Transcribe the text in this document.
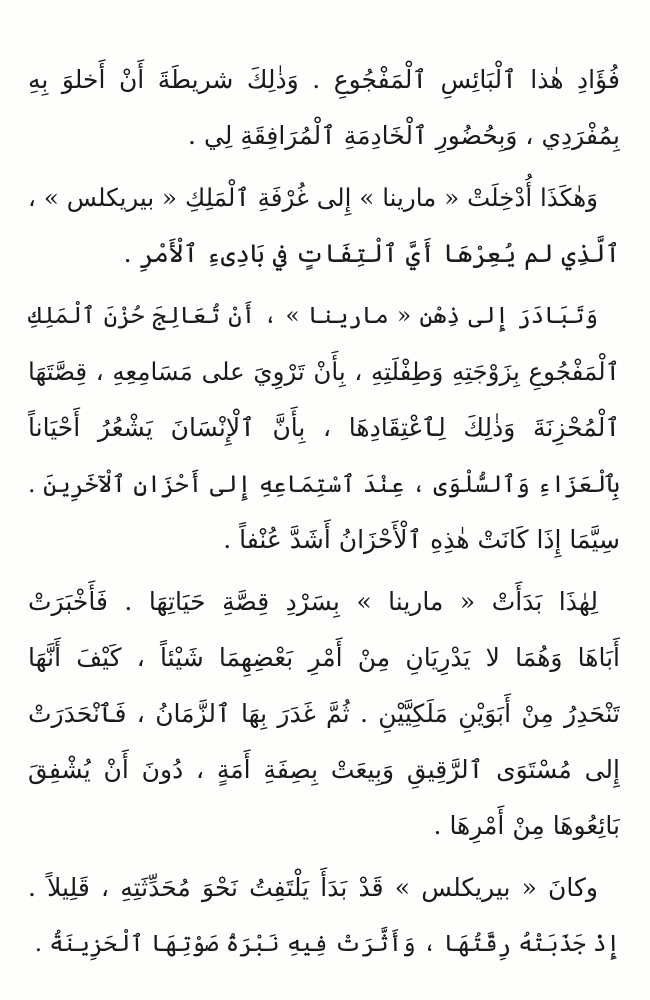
فُؤَادِ هٰذا ٱلْبَائِسِ ٱلْمَفْجُوعِ . وَذٰلِكَ شريطَةَ أَنْ أَخلوَ بِهِ
بِمُفْرَدِي ، وَبِحُضُورِ ٱلْخَادِمَةِ ٱلْمُرَافِقَةِ لِي .
وَهٰكَذَا أُدْخِلَتْ « مارينا » إِلى غُرْفَةِ ٱلْمَلِكِ « بيريكلس » ،
ٱلَّذِي لم يُعِرْهَا أَيَّ ٱلْتِفَاتٍ في بَادِىءِ ٱلْأَمْرِ .
وَتَبَادَرَ إِلى ذِهْنِ « مارينا » ، أَنْ تُعَالِجَ حُزْنَ ٱلْمَلِكِ
ٱلْمَفْجُوعِ بِزَوْجَتِهِ وَطِفْلَتِهِ ، بِأَنْ تَرْوِيَ على مَسَامِعِهِ ، قِصَّتَهَا
ٱلْمُحْزِنَةَ وَذٰلِكَ لِٱعْتِقَادِهَا ، بِأَنَّ ٱلْإِنْسَانَ يَشْعُرُ أَحْيَاناً
بِٱلْعَزَاءِ وَٱلسُّلْوَى ، عِنْدَ ٱسْتِمَاعِهِ إِلى أَحْزَانِ ٱلْآخَرِينَ .
سِيَّمَا إِذَا كَانَتْ هٰذِهِ ٱلْأَحْزَانُ أَشَدَّ عُنْفاً .
لِهٰذَا بَدَأَتْ « مارينا » بِسَرْدِ قِصَّةِ حَيَاتِهَا . فَأَخْبَرَتْ
أَبَاهَا وَهُمَا لا يَدْرِيَانِ مِنْ أَمْرِ بَعْضِهِمَا شَيْئاً ، كَيْفَ أَنَّهَا
تَنْحَدِرُ مِنْ أَبَوَيْنِ مَلَكِيَّيْنِ . ثُمَّ غَدَرَ بِهَا ٱلزَّمَانُ ، فَٱنْحَدَرَتْ
إِلى مُسْتَوَى ٱلرَّقِيقِ وَبِيعَتْ بِصِفَةِ أَمَةٍ ، دُونَ أَنْ يُشْفِقَ
بَائِعُوهَا مِنْ أَمْرِهَا .
وكانَ « بيريكلس » قَدْ بَدَأَ يَلْتَفِتُ نَحْوَ مُحَدِّثَتِهِ ، قَلِيلاً .
إِذْ جَذَبَتْهُ رِقَّتُهَا ، وَأَثَّرَتْ فِيهِ نَبْرَةُ صَوْتِهَا ٱلْحَزِينَةُ .
